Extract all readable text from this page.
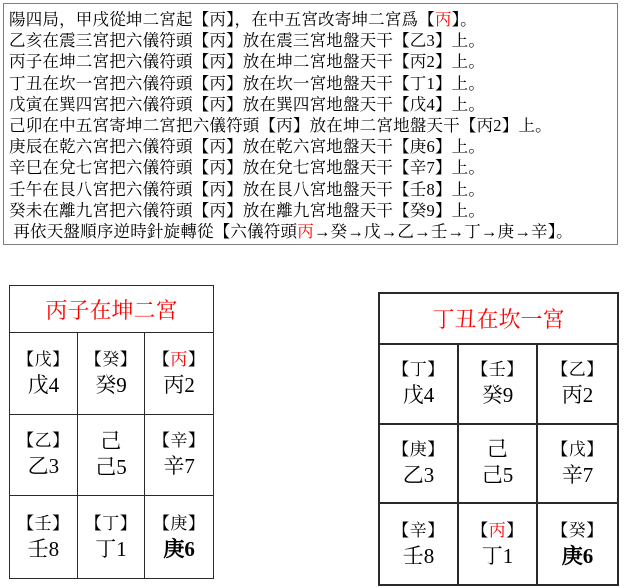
陽四局，甲戌從坤二宮起【丙】，在中五宮改寄坤二宮爲【丙】。
乙亥在震三宮把六儀符頭【丙】放在震三宮地盤天干【乙3】上。
丙子在坤二宮把六儀符頭【丙】放在坤二宮地盤天干【丙2】上。
丁丑在坎一宮把六儀符頭【丙】放在坎一宮地盤天干【丁1】上。
戊寅在巽四宮把六儀符頭【丙】放在巽四宮地盤天干【戊4】上。
己卯在中五宮寄坤二宮把六儀符頭【丙】放在坤二宮地盤天干【丙2】上。
庚辰在乾六宮把六儀符頭【丙】放在乾六宮地盤天干【庚6】上。
辛巳在兌七宮把六儀符頭【丙】放在兌七宮地盤天干【辛7】上。
壬午在艮八宮把六儀符頭【丙】放在艮八宮地盤天干【壬8】上。
癸未在離九宮把六儀符頭【丙】放在離九宮地盤天干【癸9】上。
再依天盤順序逆時針旋轉從【六儀符頭丙→癸→戊→乙→壬→丁→庚→辛】。
丙子在坤二宮
【戊】
戊4
【癸】
癸9
【丙】
丙2
【乙】
乙3
己
己5
【辛】
辛7
【壬】
壬8
【丁】
丁1
【庚】
庚6
丁丑在坎一宮
【丁】
戊4
【壬】
癸9
【乙】
丙2
【庚】
乙3
己
己5
【戊】
辛7
【辛】
壬8
【丙】
丁1
【癸】
庚6
